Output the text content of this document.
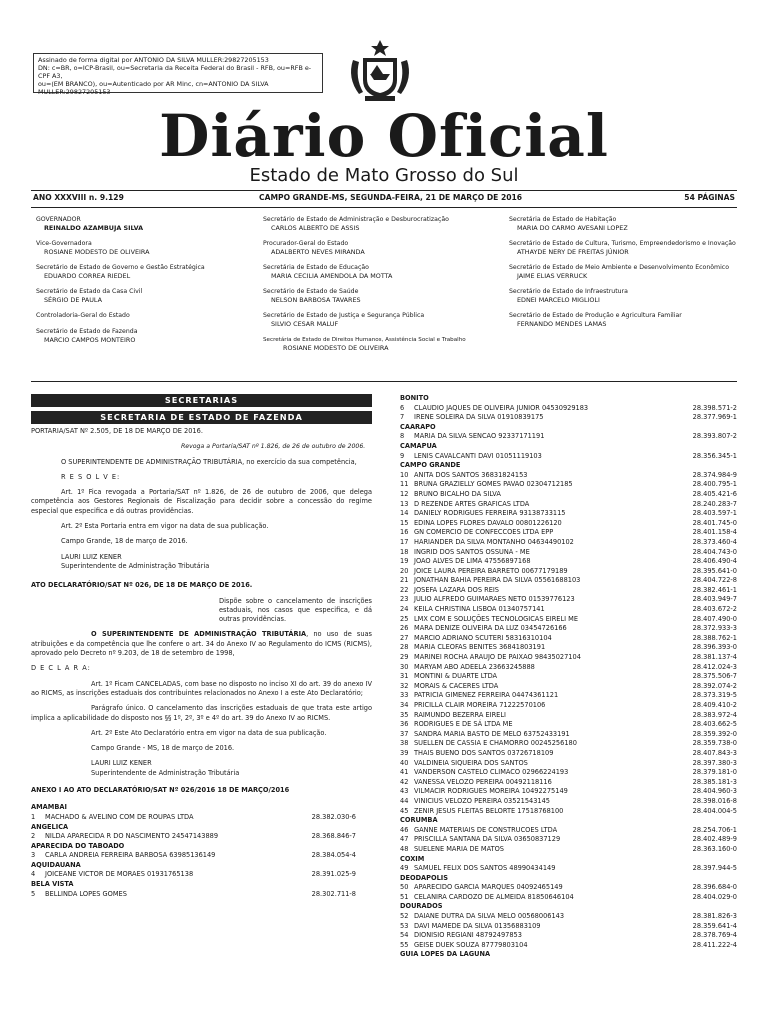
Assinado de forma digital por ANTONIO DA SILVA MULLER:29827205153
DN: c=BR, o=ICP-Brasil, ou=Secretaria da Receita Federal do Brasil - RFB, ou=RFB e-CPF A3,
ou=(EM BRANCO), ou=Autenticado por AR Minc, cn=ANTONIO DA SILVA
MULLER:29827205153
Diário Oficial
Estado de Mato Grosso do Sul
ANO XXXVIII n. 9.129	CAMPO GRANDE-MS, SEGUNDA-FEIRA, 21 DE MARÇO DE 2016	54 PÁGINAS
GOVERNADOR
REINALDO AZAMBUJA SILVA
Vice-Governadora
ROSIANE MODESTO DE OLIVEIRA
Secretário de Estado de Governo e Gestão Estratégica
EDUARDO CORREA RIEDEL
Secretário de Estado da Casa Civil
SÉRGIO DE PAULA
Controladoria-Geral do Estado
Secretário de Estado de Fazenda
MARCIO CAMPOS MONTEIRO
Secretário de Estado de Administração e Desburocratização
CARLOS ALBERTO DE ASSIS
Procurador-Geral do Estado
ADALBERTO NEVES MIRANDA
Secretária de Estado de Educação
MARIA CECILIA AMENDOLA DA MOTTA
Secretário de Estado de Saúde
NELSON BARBOSA TAVARES
Secretário de Estado de Justiça e Segurança Pública
SILVIO CESAR MALUF
Secretária de Estado de Direitos Humanos, Assistência Social e Trabalho
ROSIANE MODESTO DE OLIVEIRA
Secretária de Estado de Habitação
MARIA DO CARMO AVESANI LOPEZ
Secretário de Estado de Cultura, Turismo, Empreendedorismo e Inovação
ATHAYDE NERY DE FREITAS JÚNIOR
Secretário de Estado de Meio Ambiente e Desenvolvimento Econômico
JAIME ELIAS VERRUCK
Secretário de Estado de Infraestrutura
EDNEI MARCELO MIGLIOLI
Secretário de Estado de Produção e Agricultura Familiar
FERNANDO MENDES LAMAS
SECRETARIAS
SECRETARIA DE ESTADO DE FAZENDA

PORTARIA/SAT Nº 2.505, DE 18 DE MARÇO DE 2016.

Revoga a Portaria/SAT nº 1.826, de 26 de outubro de 2006.

O SUPERINTENDENTE DE ADMINISTRAÇÃO TRIBUTÁRIA, no exercício da sua competência,

R E S O L V E:

Art. 1º Fica revogada a Portaria/SAT nº 1.826, de 26 de outubro de 2006, que delega competência aos Gestores Regionais de Fiscalização para decidir sobre a concessão do regime especial que especifica e dá outras providências.

Art. 2º Esta Portaria entra em vigor na data de sua publicação.

Campo Grande, 18 de março de 2016.

LAURI LUIZ KENER

Superintendente de Administração Tributária

ATO DECLARATÓRIO/SAT Nº 026, DE 18 DE MARÇO DE 2016.

Dispõe sobre o cancelamento de inscrições estaduais, nos casos que especifica, e dá outras providências.

O SUPERINTENDENTE DE ADMINISTRAÇÃO TRIBUTÁRIA, no uso de suas atribuições e da competência que lhe confere o art. 34 do Anexo IV ao Regulamento do ICMS (RICMS), aprovado pelo Decreto nº 9.203, de 18 de setembro de 1998,

D E C L A R A:

Art. 1º Ficam CANCELADAS, com base no disposto no inciso XI do art. 39 do anexo IV ao RICMS, as inscrições estaduais dos contribuintes relacionados no Anexo I a este Ato Declaratório;

Parágrafo único. O cancelamento das inscrições estaduais de que trata este artigo implica a aplicabilidade do disposto nos §§ 1º, 2º, 3º e 4º do art. 39 do Anexo IV ao RICMS.

Art. 2º Este Ato Declaratório entra em vigor na data de sua publicação.

Campo Grande - MS, 18 de março de 2016.

LAURI LUIZ KENER

Superintendente de Administração Tributária

ANEXO I AO ATO DECLARATÓRIO/SAT Nº 026/2016 18 DE MARÇO/2016

AMAMBAI
1	MACHADO & AVELINO COM DE ROUPAS LTDA	28.382.030-6
ANGELICA
2	NILDA APARECIDA R DO NASCIMENTO 24547143889	28.368.846-7
APARECIDA DO TABOADO
3	CARLA ANDREIA FERREIRA BARBOSA 63985136149	28.384.054-4
AQUIDAUANA
4	JOICEANE VICTOR DE MORAES 01931765138	28.391.025-9
BELA VISTA
5	BELLINDA LOPES GOMES	28.302.711-8
BONITO
6	CLAUDIO JAQUES DE OLIVEIRA JUNIOR 04530929183	28.398.571-2
7	IRENE SOLEIRA DA SILVA 01910839175	28.377.969-1
CAARAPO
8	MARIA DA SILVA SENCAO 92337171191	28.393.807-2
CAMAPUA
9	LENIS CAVALCANTI DAVI 01051119103	28.356.345-1
CAMPO GRANDE
10 ANITA DOS SANTOS 36831824153	28.374.984-9
11 BRUNA GRAZIELLY GOMES PAVAO 02304712185	28.400.795-1
12 BRUNO BICALHO DA SILVA	28.405.421-6
13 D REZENDE ARTES GRAFICAS LTDA	28.240.283-7
14 DANIELY RODRIGUES FERREIRA 93138733115	28.403.597-1
15 EDINA LOPES FLORES DAVALO 00801226120	28.401.745-0
16 GN COMERCIO DE CONFECCOES LTDA EPP	28.401.158-4
17 HARIANDER DA SILVA MONTANHO 04634490102	28.373.460-4
18 INGRID DOS SANTOS OSSUNA - ME	28.404.743-0
19 JOAO ALVES DE LIMA 47556897168	28.406.490-4
20 JOICE LAURA PEREIRA BARRETO 00677179189	28.395.641-0
21 JONATHAN BAHIA PEREIRA DA SILVA 05561688103	28.404.722-8
22 JOSEFA LAZARA DOS REIS	28.382.461-1
23 JULIO ALFREDO GUIMARAES NETO 01539776123	28.403.949-7
24 KEILA CHRISTINA LISBOA 01340757141	28.403.672-2
25 LMX COM E SOLUÇÕES TECNOLOGICAS EIRELI ME	28.407.490-0
26 MARA DENIZE OLIVEIRA DA LUZ 03454726166	28.372.933-3
27 MARCIO ADRIANO SCUTERI 58316310104	28.388.762-1
28 MARIA CLEOFAS BENITES 36841803191	28.396.393-0
29 MARINEI ROCHA ARAUJO DE PAIXAO 98435027104	28.381.137-4
30 MARYAM ABO ADEELA 23663245888	28.412.024-3
31 MONTINI & DUARTE LTDA	28.375.506-7
32 MORAIS & CACERES LTDA	28.392.074-2
33 PATRICIA GIMENEZ FERREIRA 04474361121	28.373.319-5
34 PRICILLA CLAIR MOREIRA 71222570106	28.409.410-2
35 RAIMUNDO BEZERRA EIRELI	28.383.972-4
36 RODRIGUES E DE SÁ LTDA ME	28.403.662-5
37 SANDRA MARIA BASTO DE MELO 63752433191	28.359.392-0
38 SUELLEN DE CASSIA E CHAMORRO 00245256180	28.359.738-0
39 THAIS BUENO DOS SANTOS 03726718109	28.407.843-3
40 VALDINEIA SIQUEIRA DOS SANTOS	28.397.380-3
41 VANDERSON CASTELO CLIMACO 02966224193	28.379.181-0
42 VANESSA VELOZO PEREIRA 00492118116	28.385.181-3
43 VILMACIR RODRIGUES MOREIRA 10492275149	28.404.960-3
44 VINICIUS VELOZO PEREIRA 03521543145	28.398.016-8
45 ZENIR JESUS FLEITAS BELORTE 17518768100	28.404.004-5
CORUMBA
46 GANNE MATERIAIS DE CONSTRUCOES LTDA	28.254.706-1
47 PRISCILLA SANTANA DA SILVA 03650837129	28.402.489-9
48 SUELENE MARIA DE MATOS	28.363.160-0
COXIM
49 SAMUEL FELIX DOS SANTOS 48990434149	28.397.944-5
DEODAPOLIS
50 APARECIDO GARCIA MARQUES 04092465149	28.396.684-0
51 CELANIRA CARDOZO DE ALMEIDA 81850646104	28.404.029-0
DOURADOS
52 DAIANE DUTRA DA SILVA MELO 00568006143	28.381.826-3
53 DAVI MAMEDE DA SILVA 01356883109	28.359.641-4
54 DIONISIO REGIANI 48792497853	28.378.769-4
55 GEISE DUEK SOUZA 87779803104	28.411.222-4
GUIA LOPES DA LAGUNA
